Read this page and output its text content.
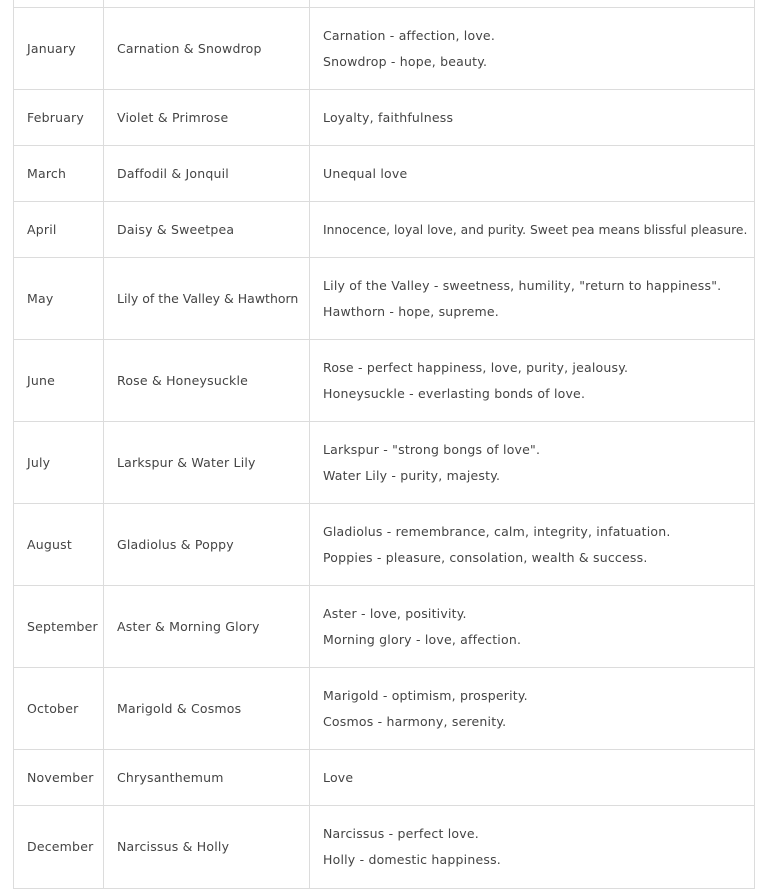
January	Carnation & Snowdrop	Carnation - affection, love.
Snowdrop - hope, beauty.

February	Violet & Primrose	Loyalty, faithfulness

March	Daffodil & Jonquil	Unequal love

April	Daisy & Sweetpea	Innocence, loyal love, and purity. Sweet pea means blissful pleasure.

May	Lily of the Valley & Hawthorn	Lily of the Valley - sweetness, humility, "return to happiness".
Hawthorn - hope, supreme.

June	Rose & Honeysuckle	Rose - perfect happiness, love, purity, jealousy.
Honeysuckle - everlasting bonds of love.

July	Larkspur & Water Lily	Larkspur - "strong bongs of love".
Water Lily - purity, majesty.

August	Gladiolus & Poppy	Gladiolus - remembrance, calm, integrity, infatuation.
Poppies - pleasure, consolation, wealth & success.

September	Aster & Morning Glory	Aster - love, positivity.
Morning glory - love, affection.

October	Marigold & Cosmos	Marigold - optimism, prosperity.
Cosmos - harmony, serenity.

November	Chrysanthemum	Love

December	Narcissus & Holly	Narcissus - perfect love.
Holly - domestic happiness.
